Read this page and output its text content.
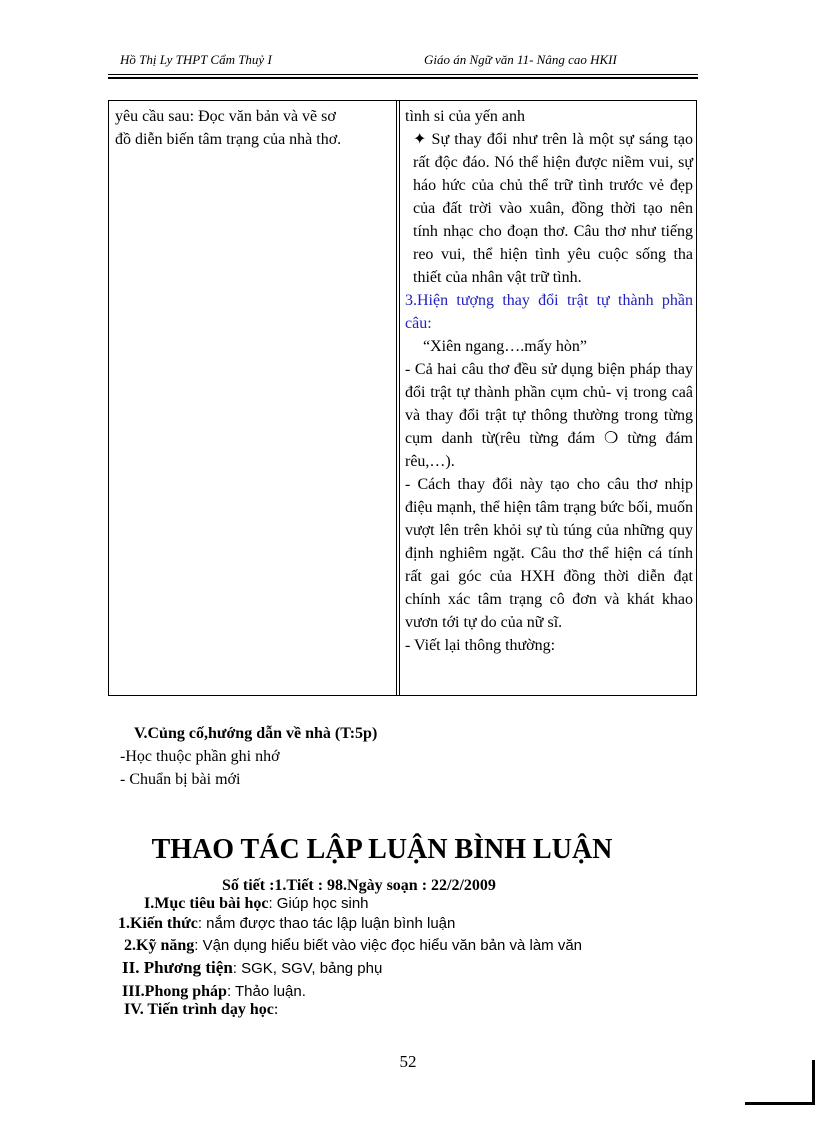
Hồ Thị Ly THPT Cẩm Thuỷ I	Giáo án Ngữ văn 11- Nâng cao HKII
yêu cầu sau: Đọc văn bản và vẽ sơ
đồ diễn biến tâm trạng của nhà thơ.

tình si của yến anh

✦ Sự thay đổi như trên là một sự sáng tạo rất độc đáo. Nó thể hiện được niềm vui, sự háo hức của chủ thể trữ tình trước vẻ đẹp của đất trời vào xuân, đồng thời tạo nên tính nhạc cho đoạn thơ. Câu thơ như tiếng reo vui, thể hiện tình yêu cuộc sống tha thiết của nhân vật trữ tình.

3.Hiện tượng thay đổi trật tự thành phần câu:

“Xiên ngang….mấy hòn”

- Cả hai câu thơ đều sử dụng biện pháp thay đổi trật tự thành phần cụm chủ- vị trong caâ và thay đổi trật tự thông thường trong từng cụm danh từ(rêu từng đám ❍ từng đám rêu,…).

- Cách thay đổi này tạo cho câu thơ nhịp điệu mạnh, thể hiện tâm trạng bức bối, muốn vượt lên trên khỏi sự tù túng của những quy định nghiêm ngặt. Câu thơ thể hiện cá tính rất gai góc của HXH đồng thời diễn đạt chính xác tâm trạng cô đơn và khát khao vươn tới tự do của nữ sĩ.

- Viết lại thông thường:

V.Củng cố,hướng dẫn về nhà (T:5p)
-Học thuộc phần ghi nhớ
- Chuẩn bị bài mới
THAO TÁC LẬP LUẬN BÌNH LUẬN
Số tiết :1.Tiết : 98.Ngày soạn : 22/2/2009
I.Mục tiêu bài học: Giúp học sinh
1.Kiến thức: nắm được thao tác lập luận bình luận
2.Kỹ năng: Vận dụng hiểu biết vào việc đọc hiểu văn bản và làm văn
II. Phương tiện: SGK, SGV, bảng phụ
III.Phong pháp: Thảo luận.
IV. Tiến trình dạy học:
52
